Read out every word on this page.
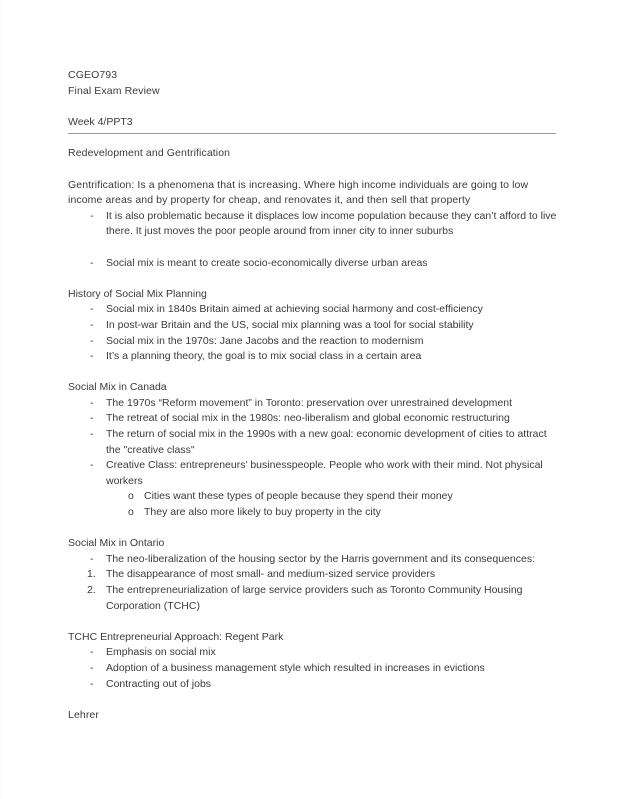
CGEO793
Final Exam Review
Week 4/PPT3
Redevelopment and Gentrification
Gentrification: Is a phenomena that is increasing. Where high income individuals are going to low income areas and by property for cheap, and renovates it, and then sell that property
-	It is also problematic because it displaces low income population because they can’t afford to live there. It just moves the poor people around from inner city to inner suburbs
-	Social mix is meant to create socio-economically diverse urban areas
History of Social Mix Planning
-	Social mix in 1840s Britain aimed at achieving social harmony and cost-efficiency
-	In post-war Britain and the US, social mix planning was a tool for social stability
-	Social mix in the 1970s: Jane Jacobs and the reaction to modernism
-	It’s a planning theory, the goal is to mix social class in a certain area
Social Mix in Canada
-	The 1970s “Reform movement” in Toronto: preservation over unrestrained development
-	The retreat of social mix in the 1980s: neo-liberalism and global economic restructuring
-	The return of social mix in the 1990s with a new goal: economic development of cities to attract the "creative class"
-	Creative Class: entrepreneurs’ businesspeople. People who work with their mind. Not physical workers
o Cities want these types of people because they spend their money
o They are also more likely to buy property in the city
Social Mix in Ontario
-	The neo-liberalization of the housing sector by the Harris government and its consequences:
1. The disappearance of most small- and medium-sized service providers
2. The entrepreneurialization of large service providers such as Toronto Community Housing Corporation (TCHC)
TCHC Entrepreneurial Approach: Regent Park
-	Emphasis on social mix
-	Adoption of a business management style which resulted in increases in evictions
-	Contracting out of jobs
Lehrer
